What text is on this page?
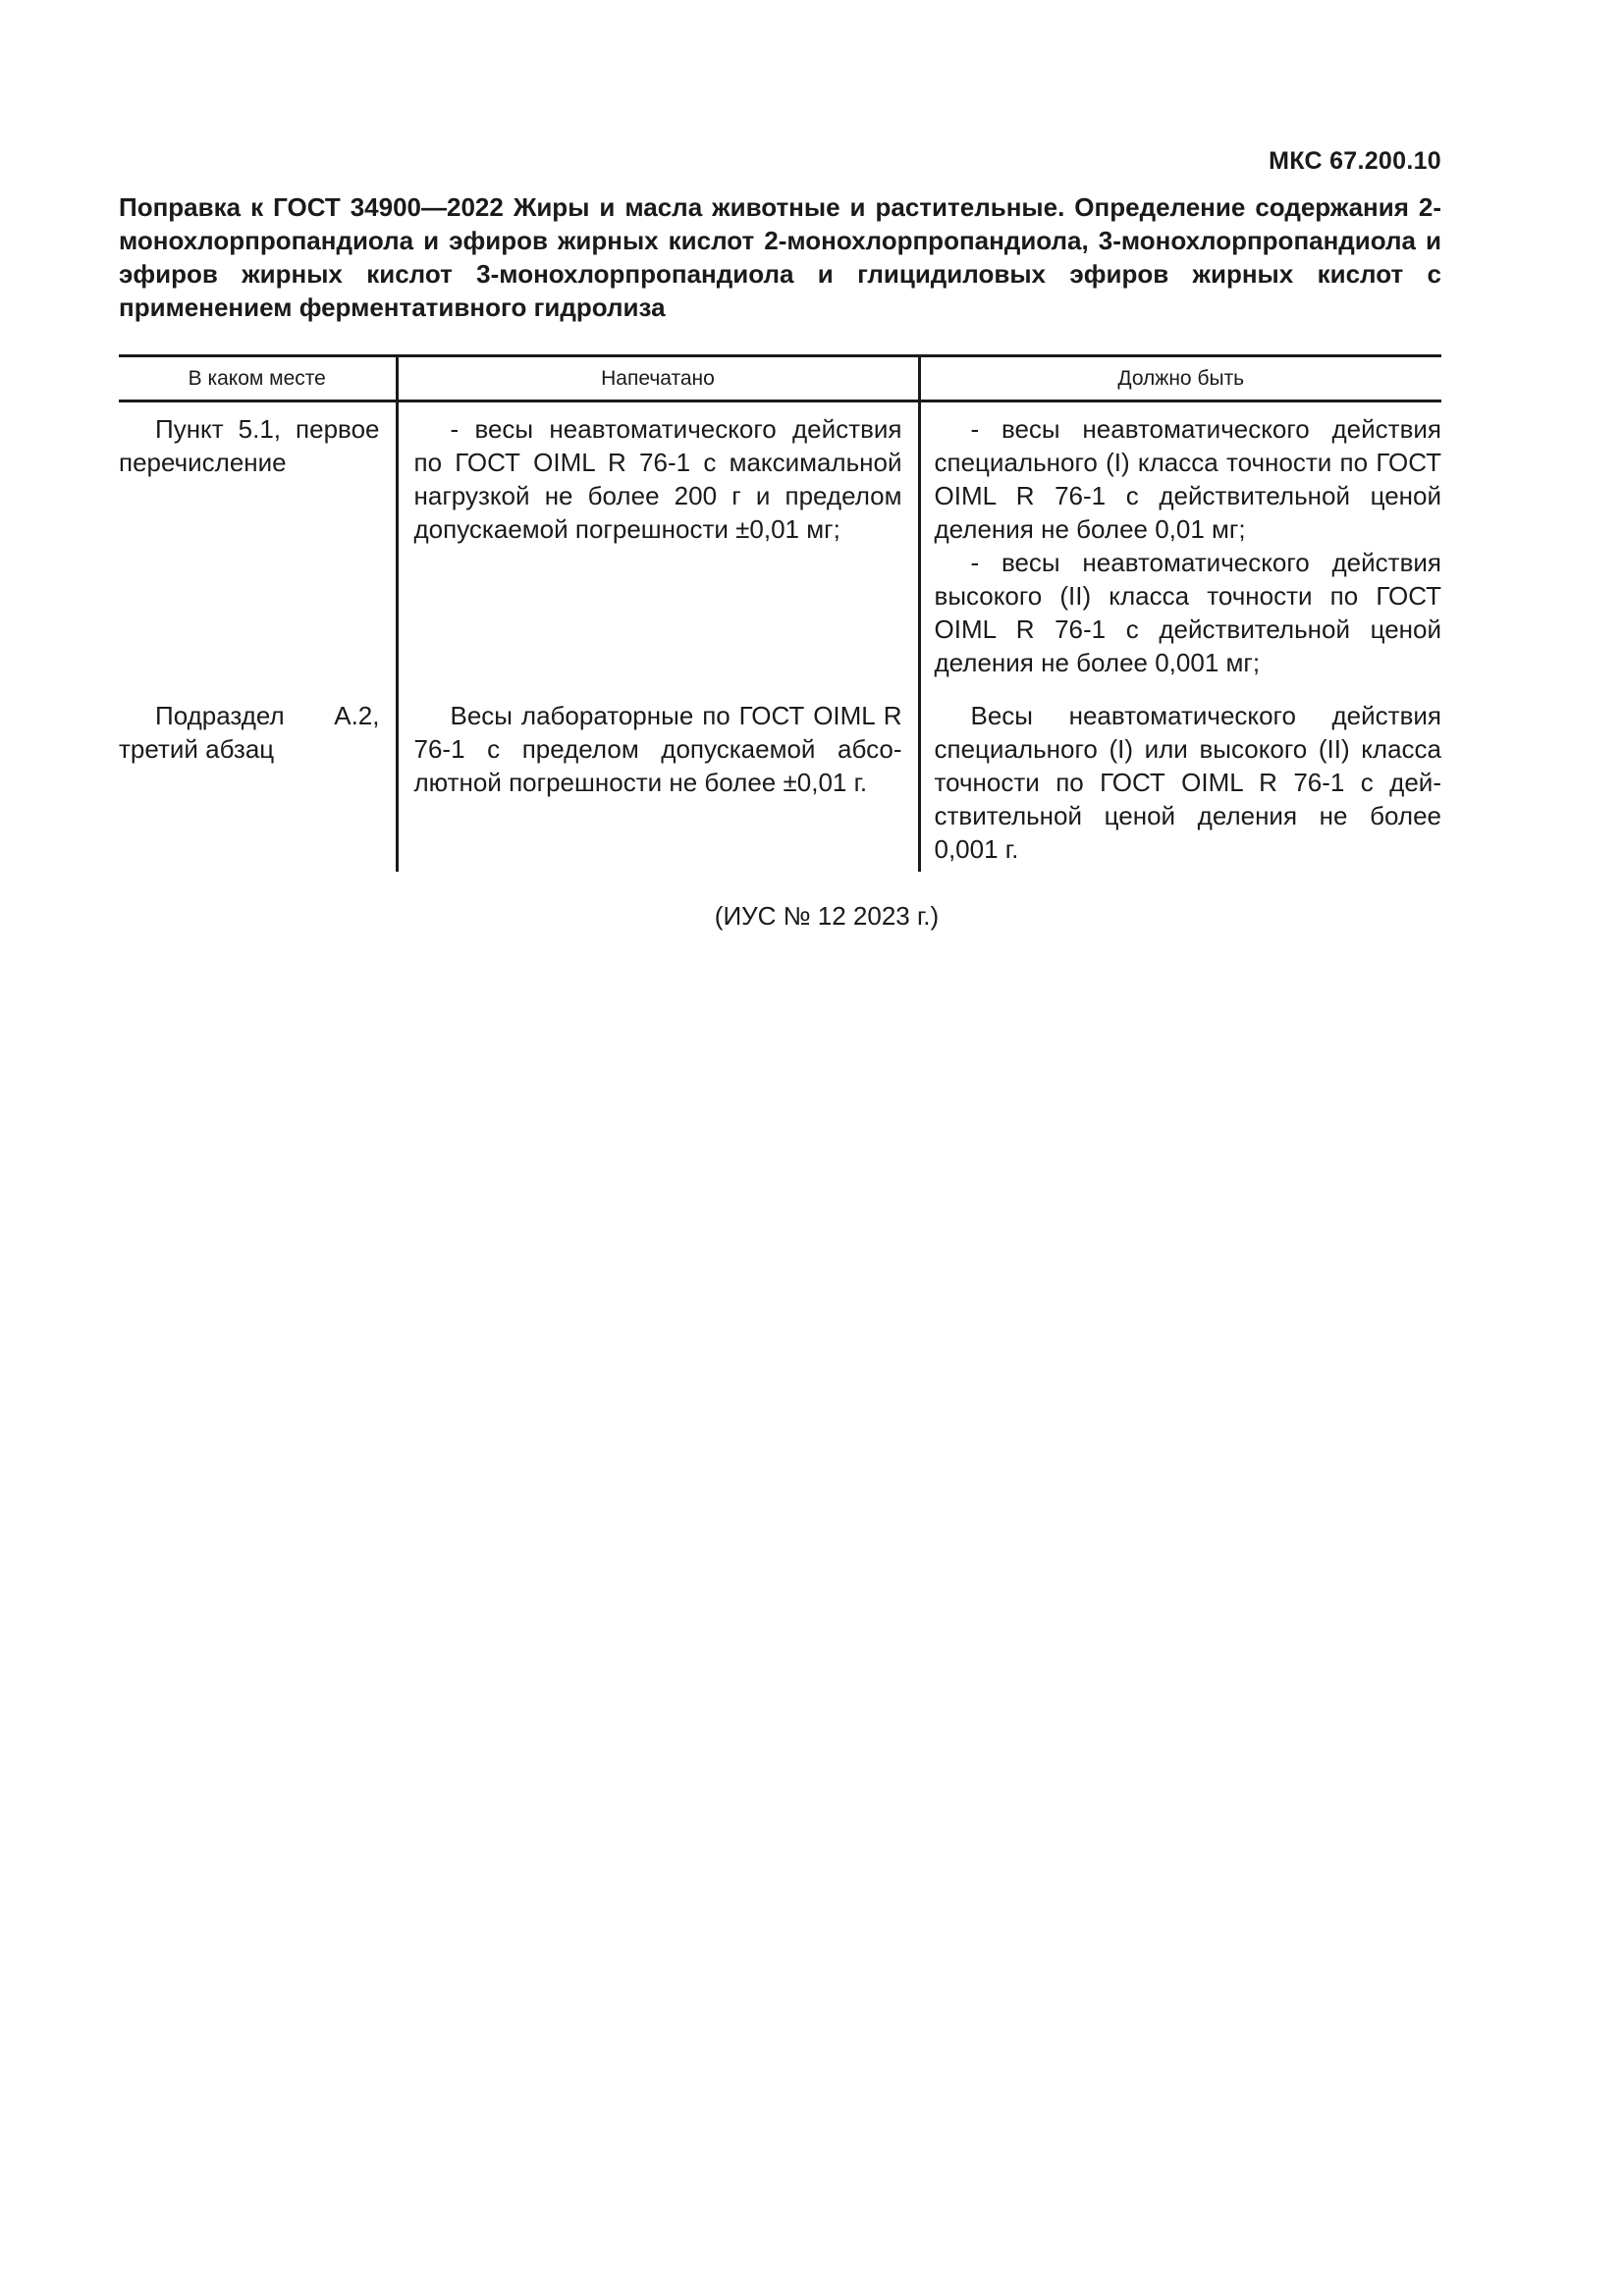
МКС 67.200.10
Поправка к ГОСТ 34900—2022 Жиры и масла животные и растительные. Определение содержания 2-монохлорпропандиола и эфиров жирных кислот 2-монохлорпропандиола, 3-монохлорпропандиола и эфиров жирных кислот 3-монохлорпропандиола и глицидиловых эфиров жирных кислот с применением ферментативного гидролиза
В каком месте	Напечатано	Должно быть

Пункт 5.1, первое перечисление	- весы неавтоматического действия по ГОСТ OIML R 76-1 с максимальной нагрузкой не более 200 г и пределом допускаемой погрешности ±0,01 мг;	- весы неавтоматического действия специального (I) класса точности по ГОСТ OIML R 76-1 с действительной ценой деления не более 0,01 мг;

- весы неавтоматического действия высокого (II) класса точности по ГОСТ OIML R 76-1 с действительной ценой деления не более 0,001 мг;

Подраздел А.2, третий абзац	Весы лабораторные по ГОСТ OIML R 76-1 с пределом допускаемой абсолютной погрешности не более ±0,01 г.	Весы неавтоматического действия специального (I) или высокого (II) класса точности по ГОСТ OIML R 76-1 с действительной ценой деления не более 0,001 г.

(ИУС № 12 2023 г.)
